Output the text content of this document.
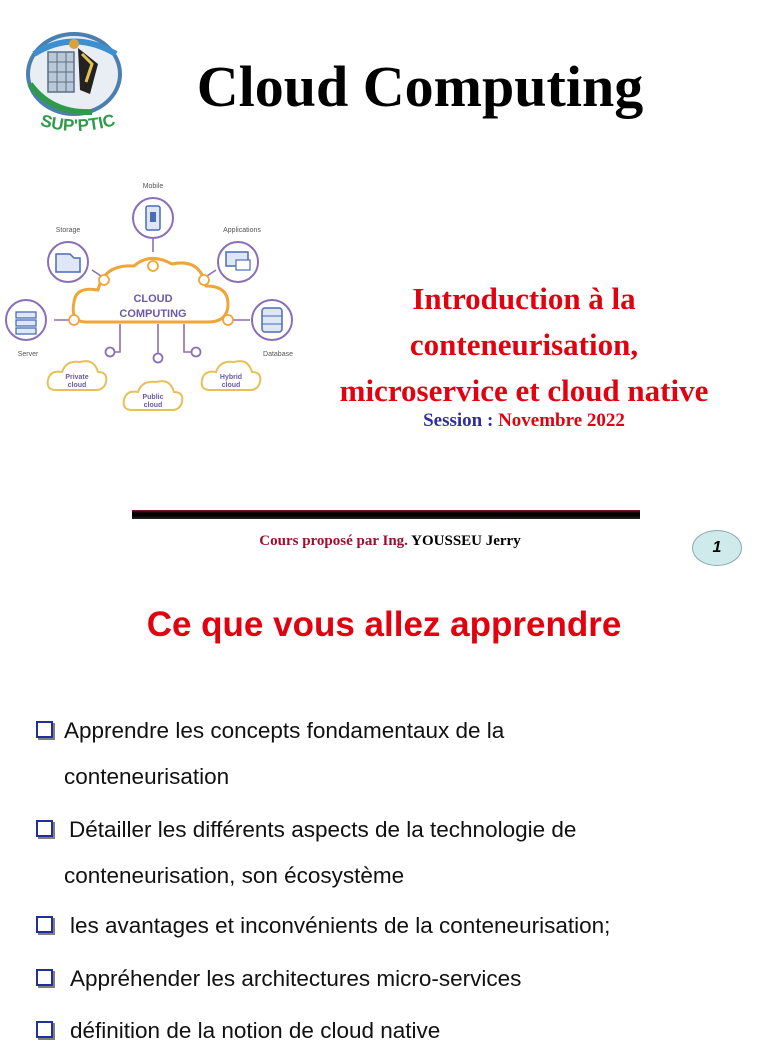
SUP'PTIC
Cloud Computing
CLOUD
COMPUTING
Mobile
Storage	Applications
Server	Database
Private
cloud
Public
cloud
Hybrid
cloud
Introduction à la
conteneurisation,
microservice et cloud native
Session : Novembre 2022
Cours proposé par Ing. YOUSSEU Jerry	1
Ce que vous allez apprendre
Apprendre les concepts fondamentaux de la
conteneurisation
Détailler les différents aspects de la technologie de
conteneurisation, son écosystème
les avantages et inconvénients de la conteneurisation;
Appréhender les architectures micro-services
définition de la notion de cloud native
